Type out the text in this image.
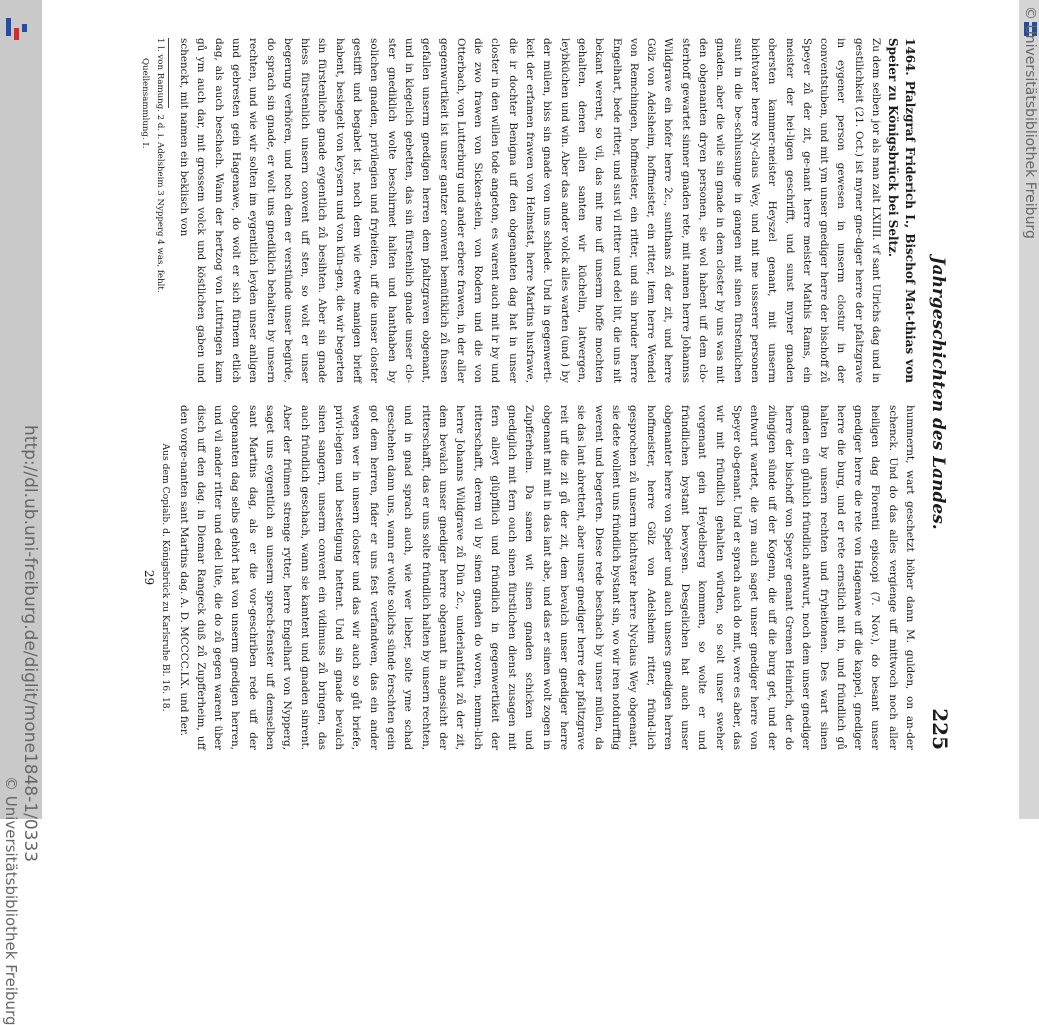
http://dl.ub.uni-freiburg.de/diglit/mone1848-1/0333
© Universitätsbibliothek Freiburg
© Universitätsbibliothek Freiburg
Jahrgeschichten des Landes.
225

1464. Pfalzgraf Friderich I., Bischof Mat-thias von Speier zu Königsbrück bei Seltz.

Zu dem selben jor als man zalt LXIIII. vf sant Ulrichs dag und in gestilichkeit (21. Oct.) ist myner gne-diger herre der pfaltzgrave in eygener person gewesen in unserm clostur in der conventstuben, und mit ym unser gnediger herre der bischoff zů Speyer zů der zit, ge-nant herre meister Mathis Rams, ein meister der hei-ligen geschrifft, und sunst myner gnaden obersten kammer-meister Heyszel genant, mit unserm bichtvater herre Ny-claus Wey, und mit me ussserer personen sunt in die be-schlussunge in gangen mit sinen fürstenlichen gnaden. aber die wile sin gnade in dem closter by uns was mit den obgenanten dryen personen, sie wol habent uff dem clo-sterhoff gewartet sinner gnaden rete, mit namen herre Johannss Wildgrave ein hofer herre 2c., sunthans zů der zit, und herre Gölz von Adelsheim, hoffmeister, ein ritter, item herre Wendel von Remchingen, hoffmeister, ein ritter, und sin bruder herre Engelhart, bede ritter, und sust vil ritter und edel lüt, die uns nit bekant werent, so vil, das mit me uff unserm hoffe mochten gehalten. denen allen santen wir küchelin, latwergen, leybküchen und win. Aber das ander volck alles warten (und ) by der mülen, biss sin gnade von uns schiede. Und in gegenwerti-keit der erfamen frawen von Helmstat, herre Martins husfrawe, die ir dochter Benigna uff den obgenanten dag hat in unser closter in den willen tode angeton, es warent auch mit ir by und die zwo frawen von Sicken-stein, von Rodern und die von Otterbach, von Lutterburg und ander erbere frawen, in der aller gegenwurtikeit ist unser gantzer convent bemütiklich zů fussen gefallen unserm gnedigen herren dem pfaltzgraven obgenant, und in klegelich gebetten, das sin fürstenlich gnade unser clo-ster gnediklich wolte beschirmet halten und hanthaben by solichen gnaden, privilegien und fryheiten, uff die unser closter gestifft und begabet ist, noch dem wie etwe manigen brieff habent, besiegelt von keysern und von kün-gen, die wir begerten sin fürstenliche gnade eygentlich zů besihten. Aber sin gnade hiess fürstenlich unsern convent uff sten, so wolt er unser begerung verhören, und noch dem er verstünde unser begirde, do sprach sin gnade, er wolt uns gnediklich behalten by unsern rechten, und wie wir solten im eygentlich leyden unser anligen und gebresten gein Hagenawe, do wolt er sich fürnem etlich dag, als auch beschach. Wann der hertzog von Luttringen kam gů ym auch dar, mit grossem volck und köstlichen gaben und schenckt, mit namen ein beklisch von

1 l. von Ramung. 2 d. i. Adelsheim 3 Nypperg 4 was, fehlt.

Quellensammlung. I.

hummernt, wart geschetzt höher dann M. gulden, on an-der schenck. Und do das alles vergienge uff mittwoch noch aller heiligen dag Florentii episcopi (7. Nov.), do besant unser gnediger herre die rete von Hagenawe uff die kappel, gnediger herre die burg, und er rete ernstlich mit in, und fründlich gů halten by unsern rechten und fryheitonen. Des wart sinen gnaden ein gůnlich fründlich antwurt, noch dem unser gnediger herre der bischoff von Speyer genant Grenen Heinrich, der do züngigen sünde uff der Kogenn, die uff die burg get, und der entwurt wartet, die ym auch saget unser gnediger herre von Speyer ob-genant. Und er sprach auch do mit, were es aber, das wir mit fründlich gehalten würden, so solt unser sweher vorgenant gein Heydelberg kommen, so wolte er und fründlichen bystant bewysen. Desgelichen hat auch unser obgenanter herre von Speier und auch unsers gnedigen herren hoffmeister, herre Gölz von Adelsheim ritter, fründ-lich gesprochen zů unserm bichtvater herre Nyclaus Wey obgenant, sie dete wollent uns fründlich bystant sin, wo wir iren notdurfftig werent und begerten. Diese rede beschach by unser mülen, da sie das lant abrettent, aber unser gnediger herre der pfaltzgrave reit uff die zit gů der zit, dem bevalch unser gnediger herre obgenant mit mit in das lant abe, und das er sinen wolt zogen in Zupfferheim. Da sanen wit sinen gnaden schicken und gnediglich mit fern ouch sinen fürstlichen dienst zusagen mit fern alleyt glüpfflich und fründlich in gegenwertikeit der ritterschafft, derem vil by sinen gnaden do woren, nemm-lich herre Johanns Wildgrave zů Dün 2c., underlantfaut zů der zit, dem bevalch unser gnediger herre obgenant in angesicht der ritterschafft, das er uns solte fründlich halten by unsern rechten, und in gnad sprach auch, wie wer lieber, solte yme schad geschehen dann uns, wann er wolte solichs sünde ferschten gein got dem herren, fider er uns fest verfandwen, das ein ander wegen wer in unsern closter und das wir auch so gůt briefe, privi-legien und bestetigung hettent. Und sin gnade bevalch sinen sangern, unserm convent ein vidimuss zů bringen, das auch fründlich geschach, wann sie kamtent und gnaden sinrent. Aber der frümen strenge rytter, herre Engelhart von Nypperg, saget uns eygentlich an unserm sprech-fenster uff demselben sant Martins dag, als er die vor-geschriben rede uff der obgenanten dag selbs gehört hat von unserm gnedigen herren, und vil ander ritter und edel lüte, die do zů gegen warent über disch uff den dag. in Diemar Rangeck duß zů Zupfferheim, uff den vorge-nanten sant Martins dag. A. D. MCCCC.LX. und fier.

Aus dem Copialb. d. Königsbrück zu Karlsruhe Bl. 16. 18.

29
